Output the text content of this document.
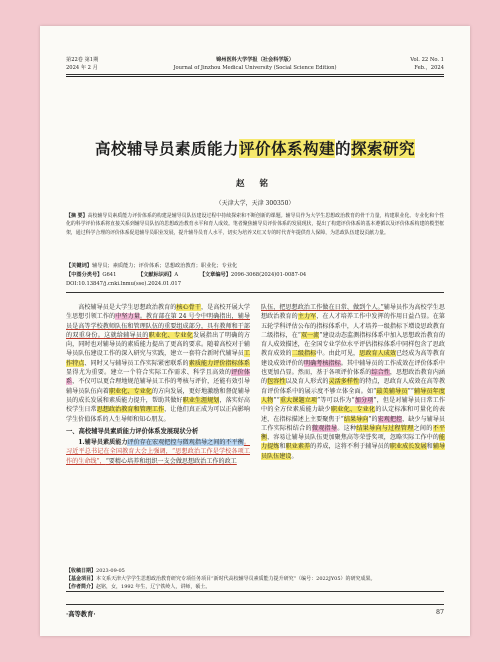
第22卷 第1期
2024 年 2 月
锦州医科大学学报（社会科学版）
Journal of Jinzhou Medical University (Social Science Edition)
Vol. 22 No. 1
Feb.，2024
高校辅导员素质能力评价体系构建的探索研究
赵 铭
（天津大学，天津 300350）
【摘 要】高校辅导员素质能力评价体系的构建是辅导员队伍建设过程中持续探索和不断创新的课题。辅导员作为大学生思想政治教育的骨干力量，构建职业化、专业化和个性化的科学评价体系将直接关系到辅导员队伍的思想政治教育水平和育人成效。笔者聚焦辅导员评价体系的发展现状，提出了构建评价体系的基本遵循以及评价体系构建的模型框架，通过科学合理的评价体系促进辅导员职业发展，提升辅导员育人水平，切实为培养又红又专的时代青年提供育人保障，为思政队伍建设贡献力量。
【关键词】辅导员；素质能力；评价体系；思想政治教育；职业化；专业化
【中图分类号】G641	【文献标识码】A	【文章编号】2096-3068(2024)01-0087-04
DOI:10.13847/j.cnki.lnmu(sse).2024.01.017

高校辅导员是大学生思想政治教育的核心骨干，是高校开展大学生思想引领工作的中坚力量。教育部在第 24 号令中明确指出，辅导员是高等学校教师队伍和管理队伍的重要组成部分，具有教师和干部的双重身份。这就给辅导员的职业化、专业化发展指出了明确的方向，同时也对辅导员的素质能力提出了更高的要求。随着高校对于辅导员队伍建设工作的深入研究与实践，建立一套符合新时代辅导员工作特点、同时又与辅导员工作实际紧密联系的素质能力评价指标体系显得尤为重要。建立一个符合实际工作需求、科学且高效的评价体系，不仅可以更合理地规范辅导员工作的考核与评价，还能有效引导辅导员队伍向着职业化、专业化的方向发展，更好地激励和督促辅导员的成长发展和素质能力提升，帮助其做好职业生涯规划，落实好高校学生日常思想政治教育和管理工作，让他们真正成为可以正向影响学生价值体系的人生导师和知心朋友。

一、高校辅导员素质能力评价体系发展现状分析

1.辅导员素质能力评价存在宏观把控与微观指导之间的不平衡。习近平总书记在全国教育大会上强调，“思想政治工作是学校各项工作的生命线”，“要精心培养和组织一支会做思想政治工作的政工

队伍，把思想政治工作做在日常、做到个人。”辅导员作为高校学生思想政治教育的主力军，在人才培养工作中发挥的作用日益凸显。在第五轮学科评估公布的指标体系中，人才培养一级指标下增设思政教育二级指标，在“双一流”建设动态监测指标体系中加入思想政治教育的育人成效描述，在全国专业学位水平评估指标体系中同样包含了思政教育成效的二级指标中。由此可见，思政育人成效已经成为高等教育建设成效评价的明确考核指标。其中辅导员的工作成效在评价体系中也更加凸显。然而，基于各项评价体系的综合性，思想政治教育内涵的包容性以及育人形式的灵活多样性的特点，思政育人成效在高等教育评价体系中的展示度不够立体全面。如“最美辅导员”“辅导员年度人物”“重大课题立项”等可以作为“加分项”，但是对辅导员日常工作中的全方位素质能力缺少职业化、专业化的认定标准和可量化的表述，在指标描述上主要聚焦于“结果导向”的宏观把控，缺少与辅导员工作实际相结合的微观指导。这种结果导向与过程管理之间的不平衡，容易让辅导员队伍更加聚焦高等荣誉奖项，忽略实际工作中的能力提炼和职业素养的养成，这将不利于辅导员的职业成长发展和辅导员队伍建设。

·高等教育·	87
【收稿日期】2023-09-05
【基金项目】本文系天津大学学生思想政治教育研究专项任务项目“新时代高校辅导员素质能力提升研究”（编号：2022JY05）的研究成果。
【作者简介】赵铭，女，1992 年生，辽宁铁岭人，讲师，硕士。
